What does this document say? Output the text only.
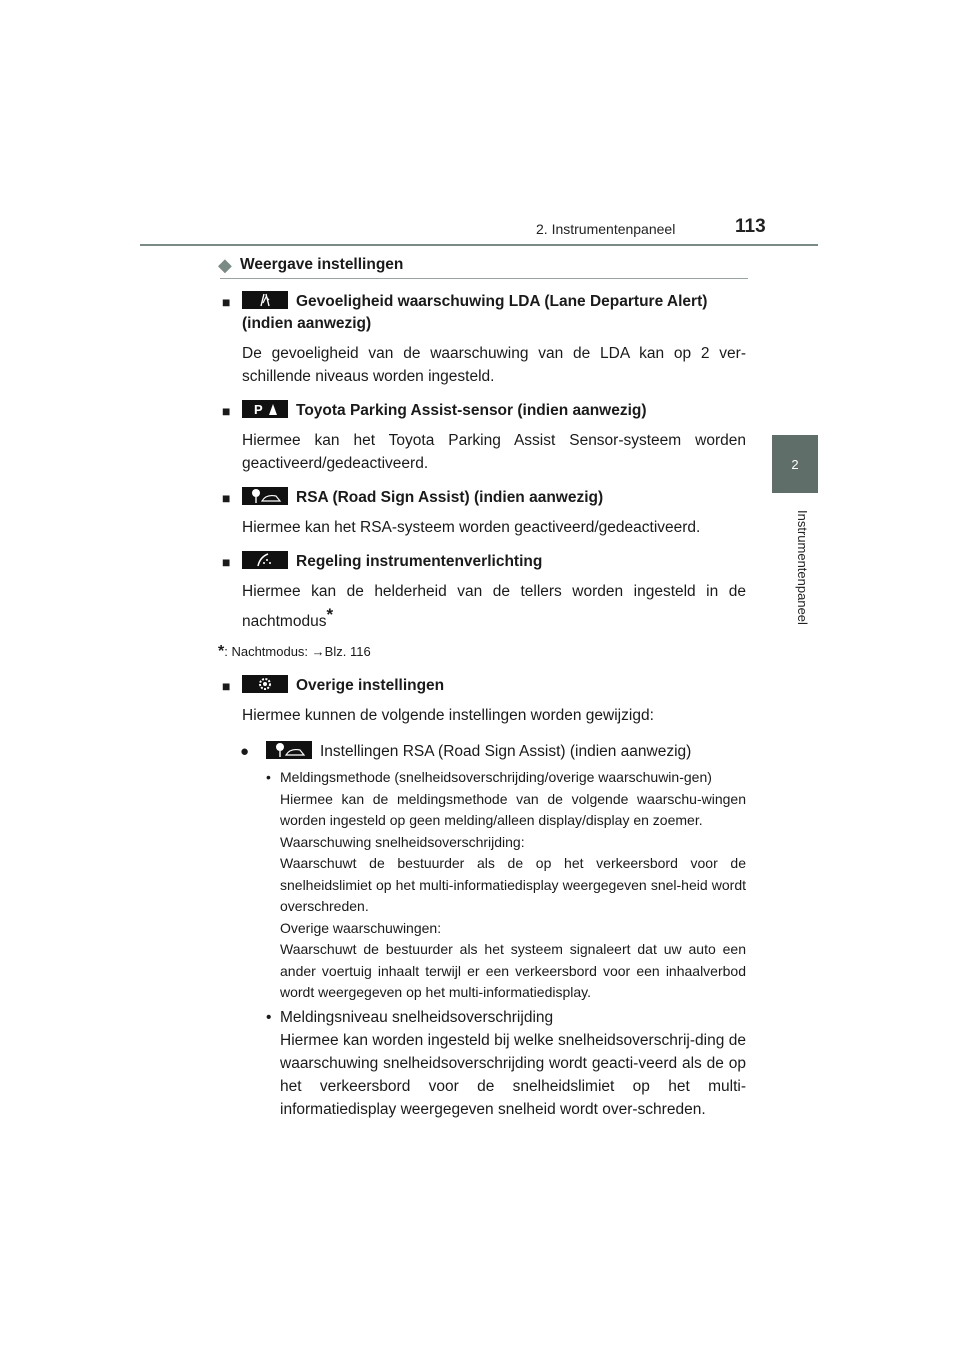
2. Instrumentenpaneel	113
2
Instrumentenpaneel
◆ Weergave instellingen
■	Gevoeligheid waarschuwing LDA (Lane Departure Alert) (indien aanwezig)
De gevoeligheid van de waarschuwing van de LDA kan op 2 ver-schillende niveaus worden ingesteld.
■ P Toyota Parking Assist-sensor (indien aanwezig)
Hiermee kan het Toyota Parking Assist Sensor-systeem worden geactiveerd/gedeactiveerd.
■	RSA (Road Sign Assist) (indien aanwezig)
Hiermee kan het RSA-systeem worden geactiveerd/gedeactiveerd.
■	Regeling instrumentenverlichting
Hiermee kan de helderheid van de tellers worden ingesteld in de nachtmodus*
*: Nachtmodus: →Blz. 116
■	Overige instellingen
Hiermee kunnen de volgende instellingen worden gewijzigd:
●	Instellingen RSA (Road Sign Assist) (indien aanwezig)
• Meldingsmethode (snelheidsoverschrijding/overige waarschuwin-gen)
Hiermee kan de meldingsmethode van de volgende waarschu-wingen worden ingesteld op geen melding/alleen display/display en zoemer.
Waarschuwing snelheidsoverschrijding:
Waarschuwt de bestuurder als de op het verkeersbord voor de snelheidslimiet op het multi-informatiedisplay weergegeven snel-heid wordt overschreden.
Overige waarschuwingen:
Waarschuwt de bestuurder als het systeem signaleert dat uw auto een ander voertuig inhaalt terwijl er een verkeersbord voor een inhaalverbod wordt weergegeven op het multi-informatiedisplay.
• Meldingsniveau snelheidsoverschrijding
Hiermee kan worden ingesteld bij welke snelheidsoverschrij-ding de waarschuwing snelheidsoverschrijding wordt geacti-veerd als de op het verkeersbord voor de snelheidslimiet op het multi-informatiedisplay weergegeven snelheid wordt over-schreden.
